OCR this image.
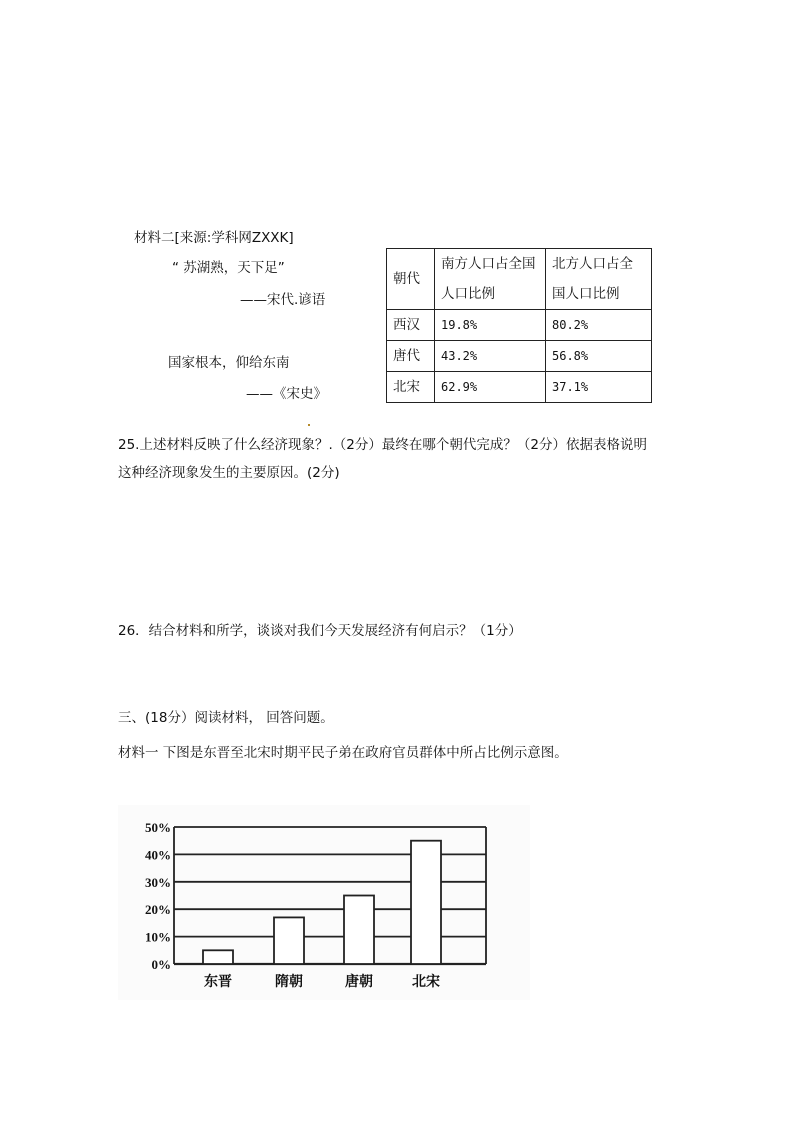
材料二[来源:学科网ZXXK]
“ 苏湖熟，天下足”
——宋代.谚语
国家根本，仰给东南
——《宋史》
朝代	南方人口占全国人口比例	北方人口占全国人口比例
西汉	19.8%	80.2%
唐代	43.2%	56.8%
北宋	62.9%	37.1%
25.上述材料反映了什么经济现象？.（2分）最终在哪个朝代完成？（2分）依据表格说明
这种经济现象发生的主要原因。(2分)
26．结合材料和所学，谈谈对我们今天发展经济有何启示？（1分）
三、(18分）阅读材料， 回答问题。
材料一 下图是东晋至北宋时期平民子弟在政府官员群体中所占比例示意图。
0%
10%
20%
30%
40%
50%
东晋	隋朝	唐朝	北宋
